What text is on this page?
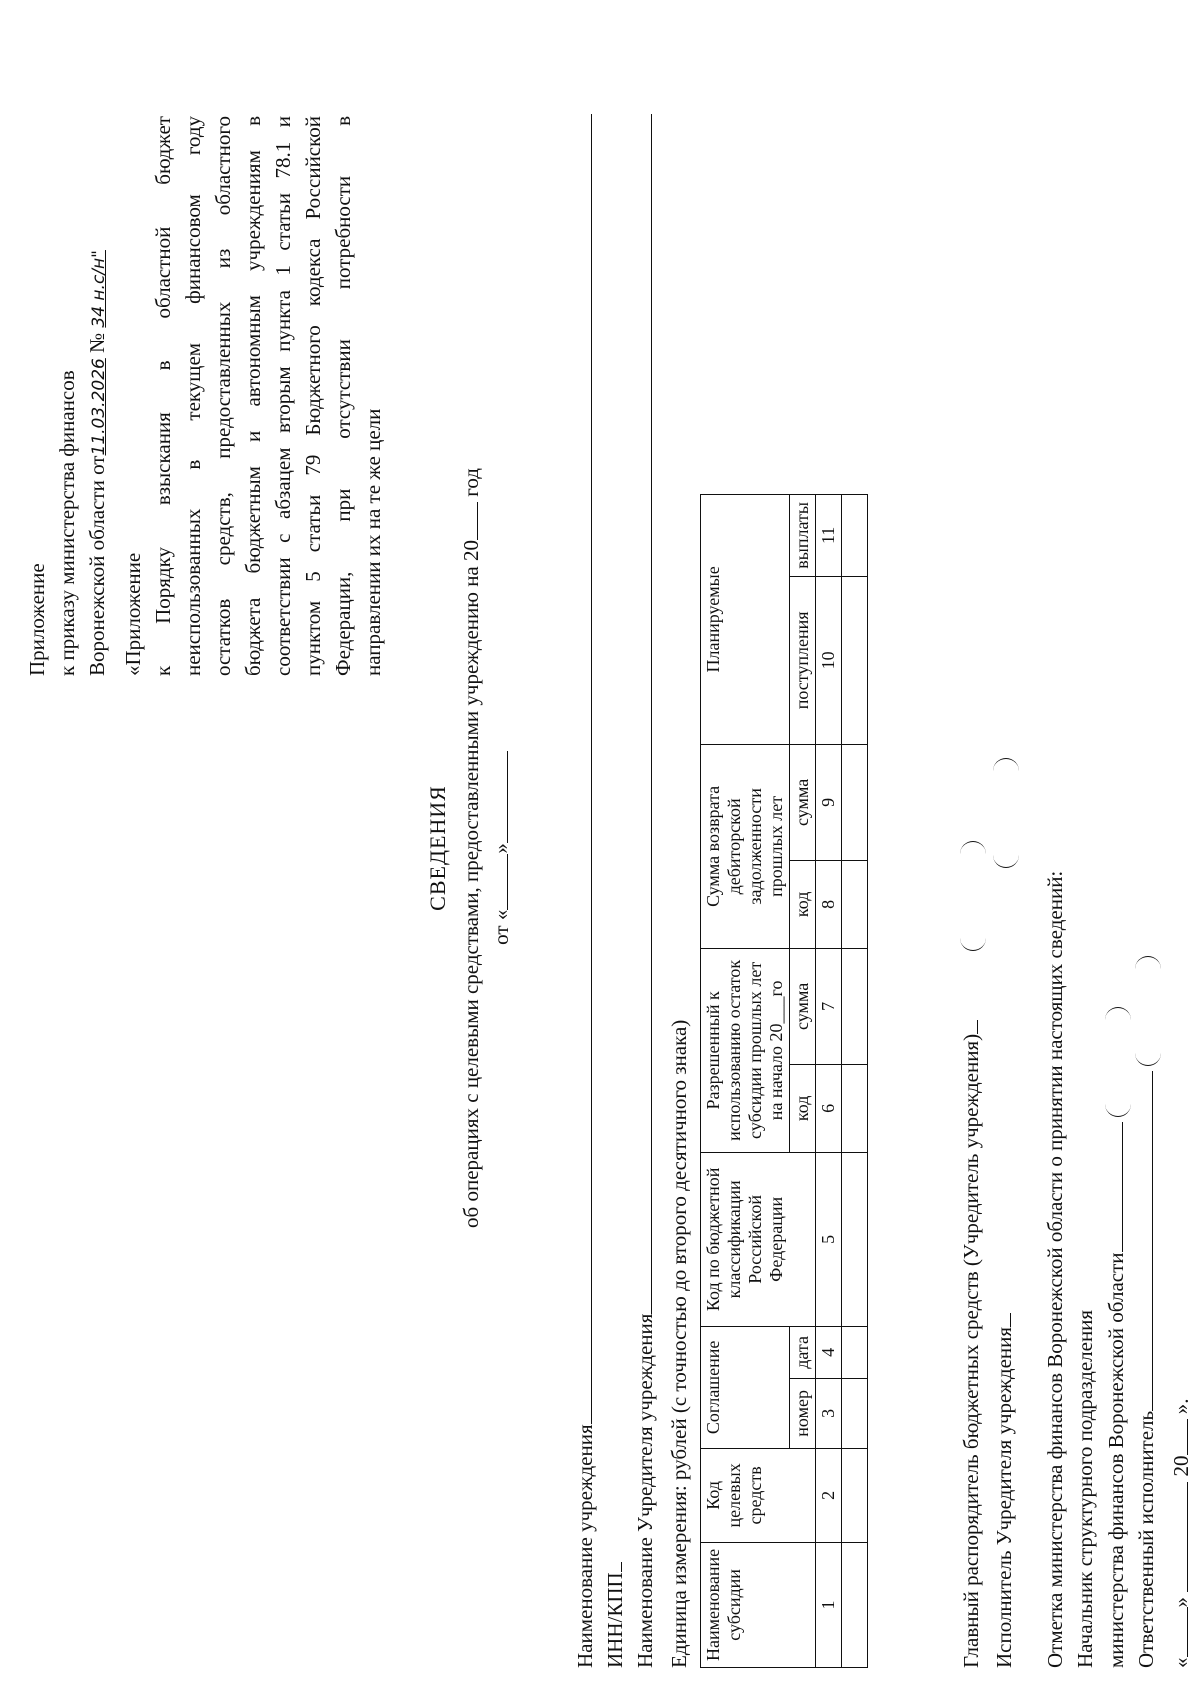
Приложение к приказу министерства финансов Воронежской области от11.03.2026 № 34 н.с/н"
«Приложение к Порядку взыскания в областной бюджет неиспользованных в текущем финансовом году остатков средств, предоставленных из областного бюджета бюджетным и автономным учреждениям в соответствии с абзацем вторым пункта 1 статьи 78.1 и пунктом 5 статьи 79 Бюджетного кодекса Российской Федерации, при отсутствии потребности в направлении их на те же цели
СВЕДЕНИЯ об операциях с целевыми средствами, предоставленными учреждению на 20 год
от «»
Наименование учреждения ИНН/КПП Наименование Учредителя учреждения Единица измерения: рублей (с точностью до второго десятичного знака) Наименование субсидии	Код целевых средств	Соглашение		Код по бюджетной классификации Российской Федерации	Разрешенный к использованию остаток субсидии прошлых лет на начало 20___го		Сумма возврата дебиторской задолженности прошлых лет		Планируемые		
		номер	дата		код	сумма	код	сумма	поступления	выплаты	
1	2	3	4	5	6	7	8	9	10	11	

Главный распорядитель бюджетных средств (Учредитель учреждения) Исполнитель Учредителя учреждения Отметка министерства финансов Воронежской области о принятии настоящих сведений: Начальник структурного подразделения министерства финансов Воронежской области Ответственный исполнитель «»  20 ».
